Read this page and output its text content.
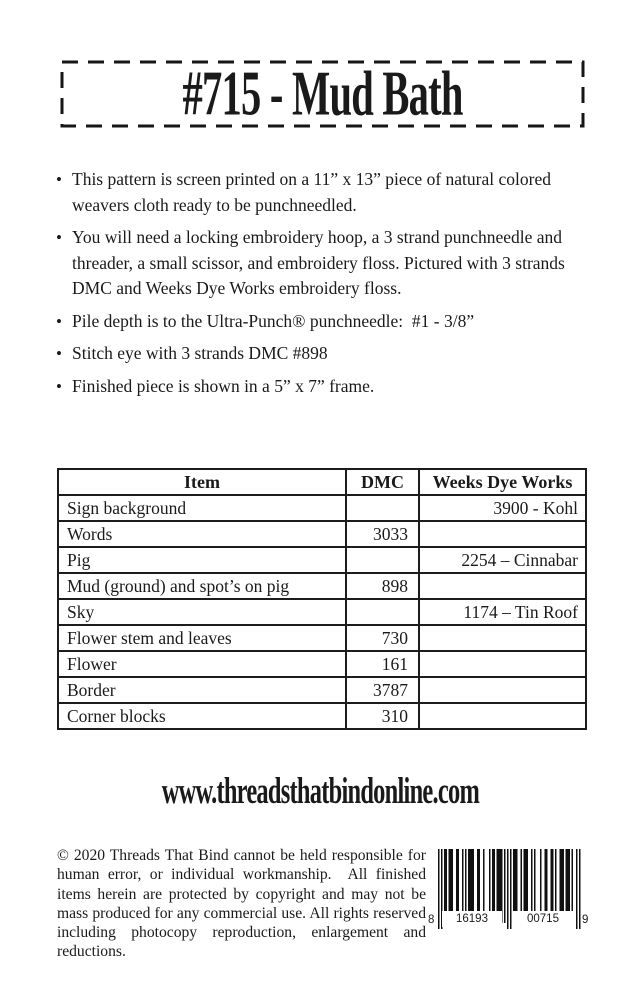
#715 - Mud Bath
•
This pattern is screen printed on a 11” x 13” piece of natural colored weavers cloth ready to be punchneedled.
•
You will need a locking embroidery hoop, a 3 strand punchneedle and threader, a small scissor, and embroidery floss. Pictured with 3 strands DMC and Weeks Dye Works embroidery floss.
•
Pile depth is to the Ultra-Punch® punchneedle:  #1 - 3/8”
•
Stitch eye with 3 strands DMC #898
•
Finished piece is shown in a 5” x 7” frame.
Item	DMC	Weeks Dye Works
Sign background		3900 - Kohl
Words	3033	
Pig		2254 – Cinnabar
Mud (ground) and spot’s on pig	898	
Sky		1174 – Tin Roof
Flower stem and leaves	730	
Flower	161	
Border	3787	
Corner blocks	310	
www.threadsthatbindonline.com
© 2020 Threads That Bind cannot be held responsible for human error, or individual workmanship.  All finished items herein are protected by copyright and may not be mass produced for any commercial use. All rights reserved including photocopy reproduction, enlargement and reductions.
16193	00715
8	9
